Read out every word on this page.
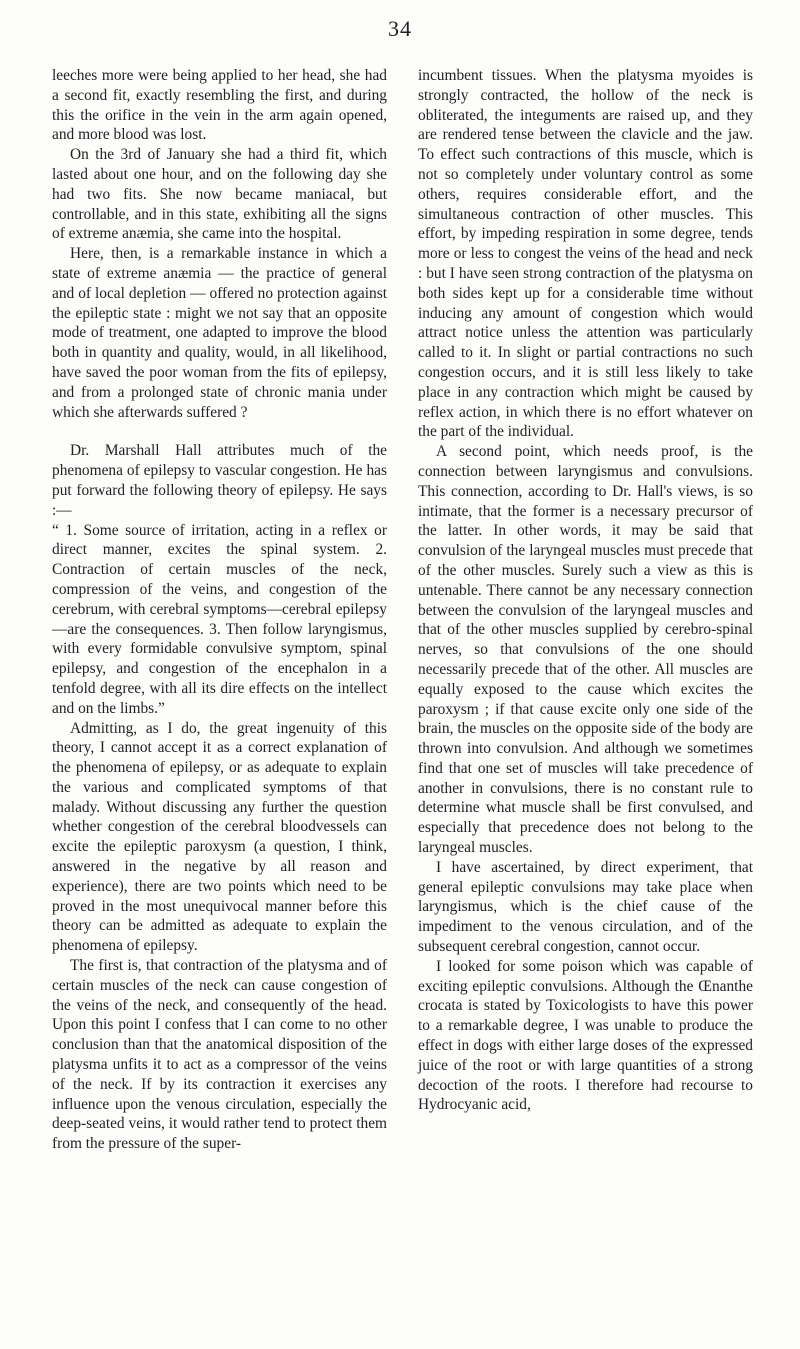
34

leeches more were being applied to her head, she had a second fit, exactly resembling the first, and during this the orifice in the vein in the arm again opened, and more blood was lost.

On the 3rd of January she had a third fit, which lasted about one hour, and on the following day she had two fits. She now became maniacal, but controllable, and in this state, exhibiting all the signs of extreme anæmia, she came into the hospital.

Here, then, is a remarkable instance in which a state of extreme anæmia — the practice of general and of local depletion — offered no protection against the epileptic state : might we not say that an opposite mode of treatment, one adapted to improve the blood both in quantity and quality, would, in all likelihood, have saved the poor woman from the fits of epilepsy, and from a prolonged state of chronic mania under which she afterwards suffered ?

Dr. Marshall Hall attributes much of the phenomena of epilepsy to vascular congestion. He has put forward the following theory of epilepsy. He says :—

“ 1. Some source of irritation, acting in a reflex or direct manner, excites the spinal system. 2. Contraction of certain muscles of the neck, compression of the veins, and congestion of the cerebrum, with cerebral symptoms—cerebral epilepsy—are the consequences. 3. Then follow laryngismus, with every formidable convulsive symptom, spinal epilepsy, and congestion of the encephalon in a tenfold degree, with all its dire effects on the intellect and on the limbs.”

Admitting, as I do, the great ingenuity of this theory, I cannot accept it as a correct explanation of the phenomena of epilepsy, or as adequate to explain the various and complicated symptoms of that malady. Without discussing any further the question whether congestion of the cerebral bloodvessels can excite the epileptic paroxysm (a question, I think, answered in the negative by all reason and experience), there are two points which need to be proved in the most unequivocal manner before this theory can be admitted as adequate to explain the phenomena of epilepsy.

The first is, that contraction of the platysma and of certain muscles of the neck can cause congestion of the veins of the neck, and consequently of the head. Upon this point I confess that I can come to no other conclusion than that the anatomical disposition of the platysma unfits it to act as a compressor of the veins of the neck. If by its contraction it exercises any influence upon the venous circulation, especially the deep-seated veins, it would rather tend to protect them from the pressure of the super-

incumbent tissues. When the platysma myoides is strongly contracted, the hollow of the neck is obliterated, the integuments are raised up, and they are rendered tense between the clavicle and the jaw. To effect such contractions of this muscle, which is not so completely under voluntary control as some others, requires considerable effort, and the simultaneous contraction of other muscles. This effort, by impeding respiration in some degree, tends more or less to congest the veins of the head and neck : but I have seen strong contraction of the platysma on both sides kept up for a considerable time without inducing any amount of congestion which would attract notice unless the attention was particularly called to it. In slight or partial contractions no such congestion occurs, and it is still less likely to take place in any contraction which might be caused by reflex action, in which there is no effort whatever on the part of the individual.

A second point, which needs proof, is the connection between laryngismus and convulsions. This connection, according to Dr. Hall's views, is so intimate, that the former is a necessary precursor of the latter. In other words, it may be said that convulsion of the laryngeal muscles must precede that of the other muscles. Surely such a view as this is untenable. There cannot be any necessary connection between the convulsion of the laryngeal muscles and that of the other muscles supplied by cerebro-spinal nerves, so that convulsions of the one should necessarily precede that of the other. All muscles are equally exposed to the cause which excites the paroxysm ; if that cause excite only one side of the brain, the muscles on the opposite side of the body are thrown into convulsion. And although we sometimes find that one set of muscles will take precedence of another in convulsions, there is no constant rule to determine what muscle shall be first convulsed, and especially that precedence does not belong to the laryngeal muscles.

I have ascertained, by direct experiment, that general epileptic convulsions may take place when laryngismus, which is the chief cause of the impediment to the venous circulation, and of the subsequent cerebral congestion, cannot occur.

I looked for some poison which was capable of exciting epileptic convulsions. Although the Œnanthe crocata is stated by Toxicologists to have this power to a remarkable degree, I was unable to produce the effect in dogs with either large doses of the expressed juice of the root or with large quantities of a strong decoction of the roots. I therefore had recourse to Hydrocyanic acid,
